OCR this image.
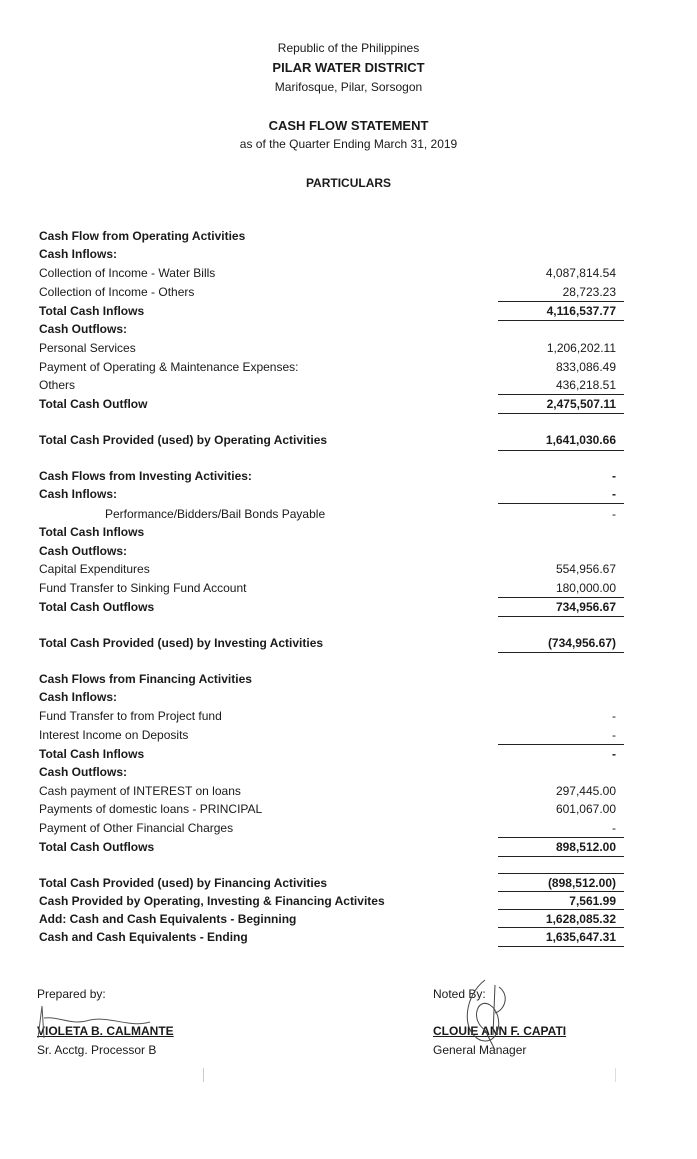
Republic of the Philippines
PILAR WATER DISTRICT
Marifosque, Pilar, Sorsogon
CASH FLOW STATEMENT
as of the Quarter Ending March 31, 2019
PARTICULARS
Cash Flow from Operating Activities
Cash Inflows:
Collection of Income - Water Bills	4,087,814.54
Collection of Income - Others	28,723.23
Total Cash Inflows	4,116,537.77
Cash Outflows:
Personal Services	1,206,202.11
Payment of Operating & Maintenance Expenses:	833,086.49
Others	436,218.51
Total Cash Outflow	2,475,507.11
Total Cash Provided (used) by Operating Activities	1,641,030.66
Cash Flows from Investing Activities:	-
Cash Inflows:	-
Performance/Bidders/Bail Bonds Payable	-
Total Cash Inflows
Cash Outflows:
Capital Expenditures	554,956.67
Fund Transfer to Sinking Fund Account	180,000.00
Total Cash Outflows	734,956.67
Total Cash Provided (used) by Investing Activities	(734,956.67)
Cash Flows from Financing Activities
Cash Inflows:
Fund Transfer to from Project fund	-
Interest Income on Deposits	-
Total Cash Inflows	-
Cash Outflows:
Cash payment of INTEREST on loans	297,445.00
Payments of domestic loans - PRINCIPAL	601,067.00
Payment of Other Financial Charges	-
Total Cash Outflows	898,512.00
Total Cash Provided (used) by Financing Activities	(898,512.00)
Cash Provided by Operating, Investing & Financing Activites	7,561.99
Add: Cash and Cash Equivalents - Beginning	1,628,085.32
Cash and Cash Equivalents - Ending	1,635,647.31
Prepared by:
VIOLETA B. CALMANTE
Sr. Acctg. Processor B
Noted By:
CLOUIE ANN F. CAPATI
General Manager
